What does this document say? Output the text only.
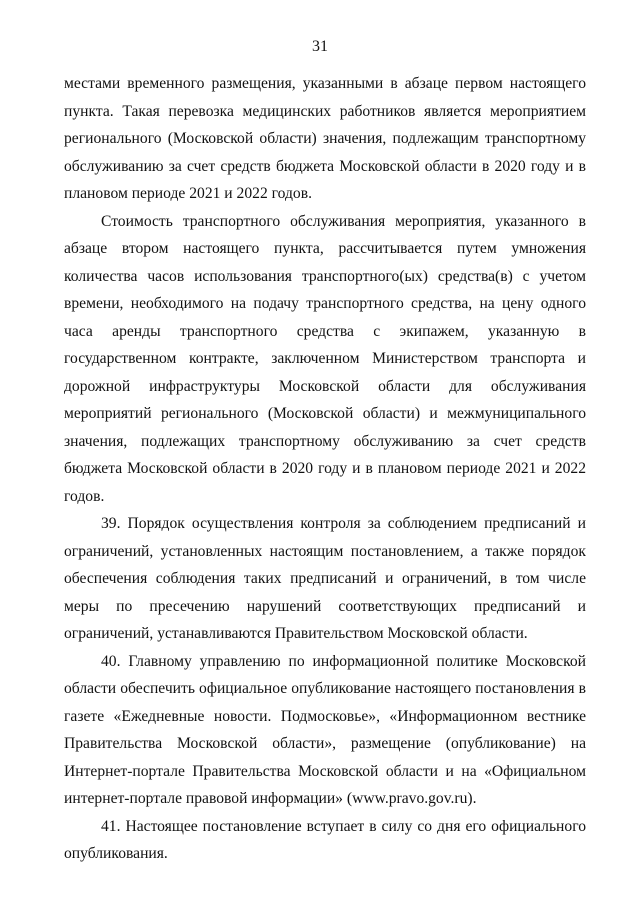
31

местами временного размещения, указанными в абзаце первом настоящего пункта. Такая перевозка медицинских работников является мероприятием регионального (Московской области) значения, подлежащим транспортному обслуживанию за счет средств бюджета Московской области в 2020 году и в плановом периоде 2021 и 2022 годов.

Стоимость транспортного обслуживания мероприятия, указанного в абзаце втором настоящего пункта, рассчитывается путем умножения количества часов использования транспортного(ых) средства(в) с учетом времени, необходимого на подачу транспортного средства, на цену одного часа аренды транспортного средства с экипажем, указанную в государственном контракте, заключенном Министерством транспорта и дорожной инфраструктуры Московской области для обслуживания мероприятий регионального (Московской области) и межмуниципального значения, подлежащих транспортному обслуживанию за счет средств бюджета Московской области в 2020 году и в плановом периоде 2021 и 2022 годов.

39. Порядок осуществления контроля за соблюдением предписаний и ограничений, установленных настоящим постановлением, а также порядок обеспечения соблюдения таких предписаний и ограничений, в том числе меры по пресечению нарушений соответствующих предписаний и ограничений, устанавливаются Правительством Московской области.

40. Главному управлению по информационной политике Московской области обеспечить официальное опубликование настоящего постановления в газете «Ежедневные новости. Подмосковье», «Информационном вестнике Правительства Московской области», размещение (опубликование) на Интернет-портале Правительства Московской области и на «Официальном интернет-портале правовой информации» (www.pravo.gov.ru).

41. Настоящее постановление вступает в силу со дня его официального опубликования.
